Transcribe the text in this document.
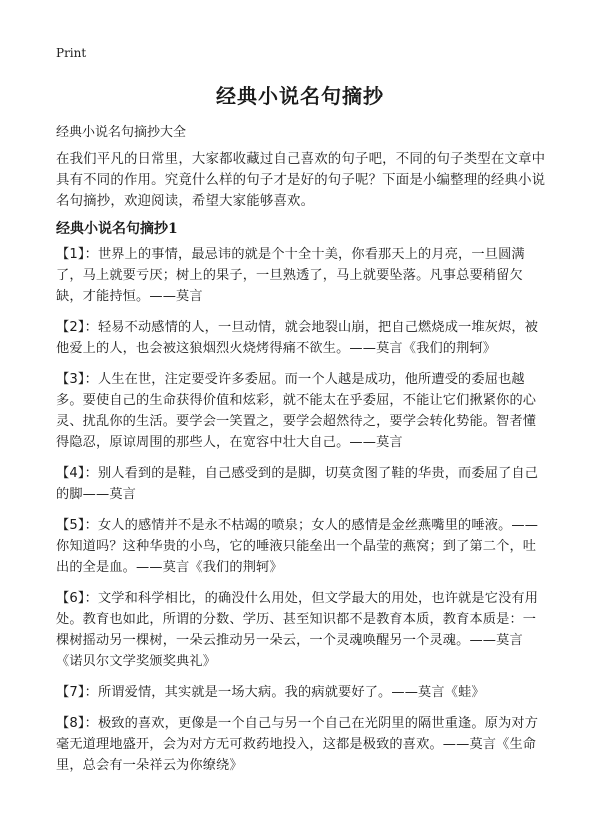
Print
经典小说名句摘抄
经典小说名句摘抄大全

在我们平凡的日常里，大家都收藏过自己喜欢的句子吧，不同的句子类型在文章中具有不同的作用。究竟什么样的句子才是好的句子呢？下面是小编整理的经典小说名句摘抄，欢迎阅读，希望大家能够喜欢。

经典小说名句摘抄1

【1】：世界上的事情，最忌讳的就是个十全十美，你看那天上的月亮，一旦圆满了，马上就要亏厌；树上的果子，一旦熟透了，马上就要坠落。凡事总要稍留欠缺，才能持恒。——莫言

【2】：轻易不动感情的人，一旦动情，就会地裂山崩，把自己燃烧成一堆灰烬，被他爱上的人，也会被这狼烟烈火烧烤得痛不欲生。——莫言《我们的荆轲》

【3】：人生在世，注定要受许多委屈。而一个人越是成功，他所遭受的委屈也越多。要使自己的生命获得价值和炫彩，就不能太在乎委屈，不能让它们揪紧你的心灵、扰乱你的生活。要学会一笑置之，要学会超然待之，要学会转化势能。智者懂得隐忍，原谅周围的那些人，在宽容中壮大自己。——莫言

【4】：别人看到的是鞋，自己感受到的是脚，切莫贪图了鞋的华贵，而委屈了自己的脚——莫言

【5】：女人的感情并不是永不枯竭的喷泉；女人的感情是金丝燕嘴里的唾液。——你知道吗？这种华贵的小鸟，它的唾液只能垒出一个晶莹的燕窝；到了第二个，吐出的全是血。——莫言《我们的荆轲》

【6】：文学和科学相比，的确没什么用处，但文学最大的用处，也许就是它没有用处。教育也如此，所谓的分数、学历、甚至知识都不是教育本质，教育本质是：一棵树摇动另一棵树，一朵云推动另一朵云，一个灵魂唤醒另一个灵魂。——莫言《诺贝尔文学奖颁奖典礼》

【7】：所谓爱情，其实就是一场大病。我的病就要好了。——莫言《蛙》

【8】：极致的喜欢，更像是一个自己与另一个自己在光阴里的隔世重逢。原为对方毫无道理地盛开，会为对方无可救药地投入，这都是极致的喜欢。——莫言《生命里，总会有一朵祥云为你缭绕》
